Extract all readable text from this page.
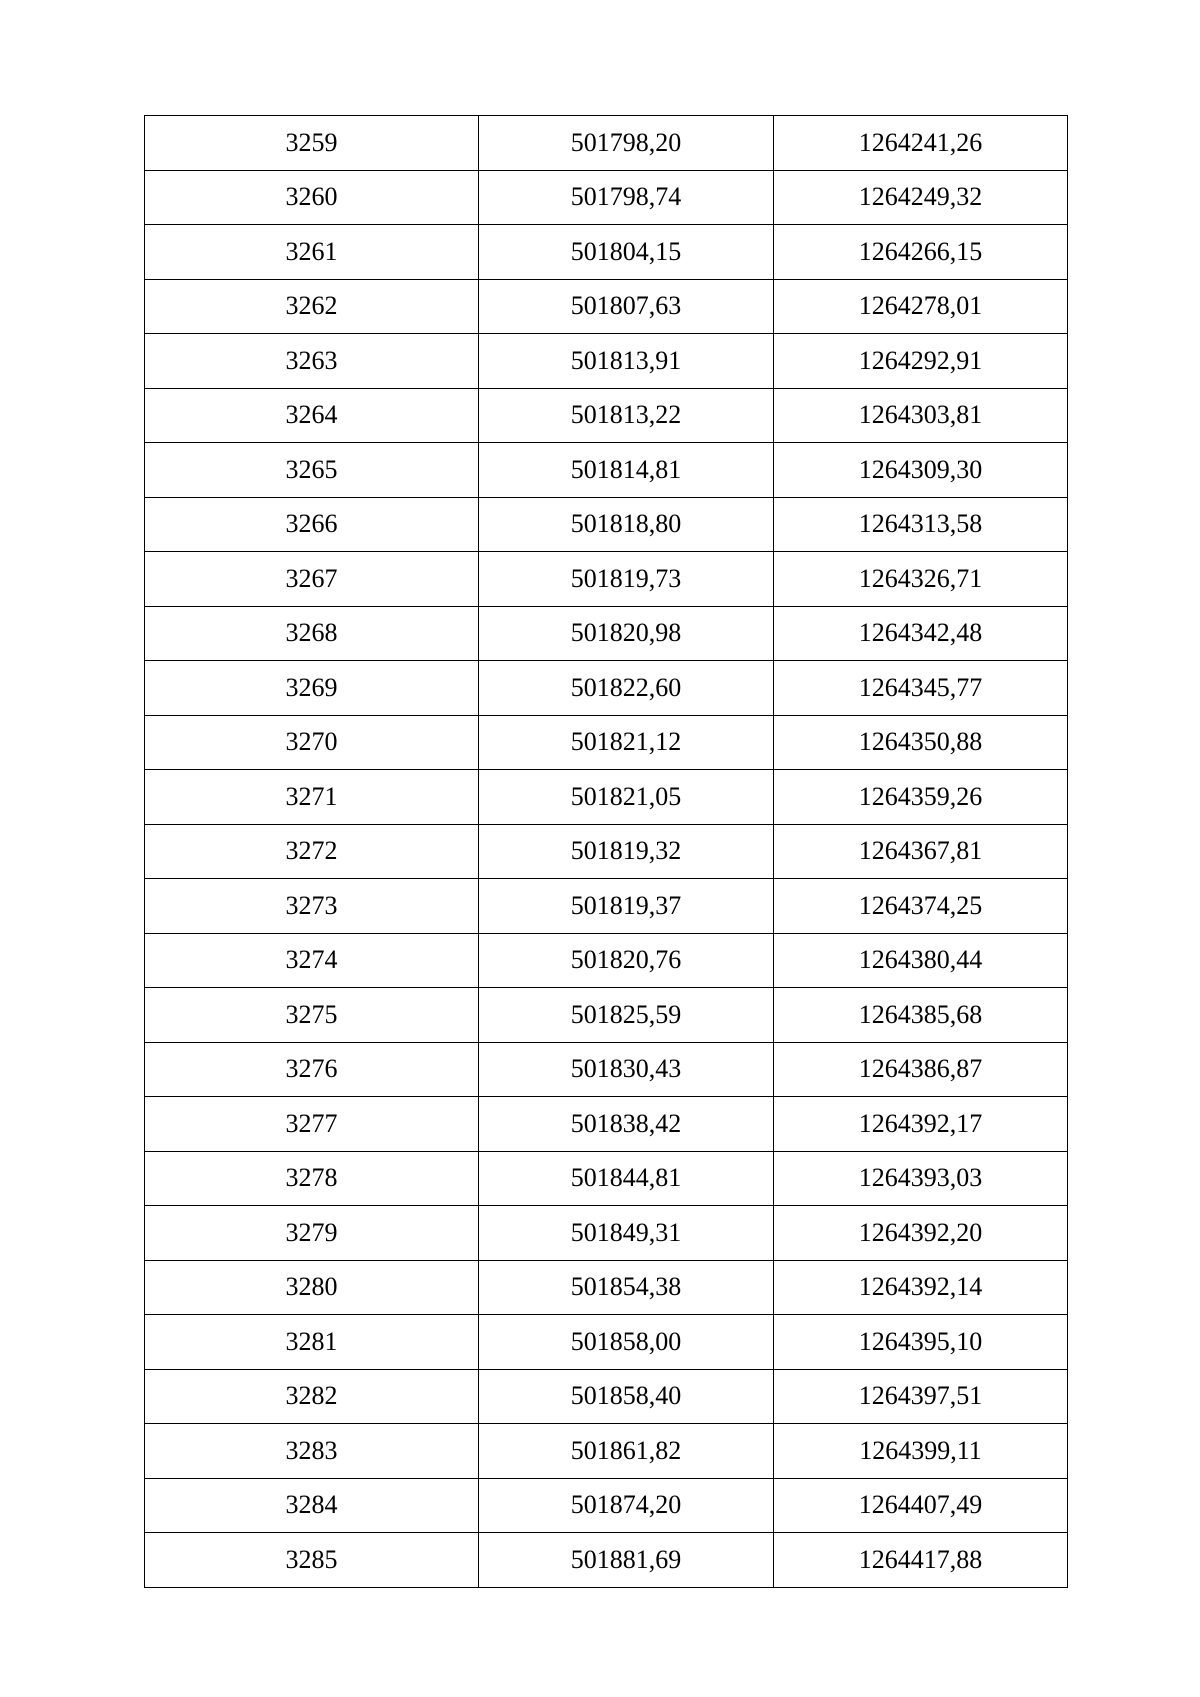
3259	501798,20	1264241,26
3260	501798,74	1264249,32
3261	501804,15	1264266,15
3262	501807,63	1264278,01
3263	501813,91	1264292,91
3264	501813,22	1264303,81
3265	501814,81	1264309,30
3266	501818,80	1264313,58
3267	501819,73	1264326,71
3268	501820,98	1264342,48
3269	501822,60	1264345,77
3270	501821,12	1264350,88
3271	501821,05	1264359,26
3272	501819,32	1264367,81
3273	501819,37	1264374,25
3274	501820,76	1264380,44
3275	501825,59	1264385,68
3276	501830,43	1264386,87
3277	501838,42	1264392,17
3278	501844,81	1264393,03
3279	501849,31	1264392,20
3280	501854,38	1264392,14
3281	501858,00	1264395,10
3282	501858,40	1264397,51
3283	501861,82	1264399,11
3284	501874,20	1264407,49
3285	501881,69	1264417,88
